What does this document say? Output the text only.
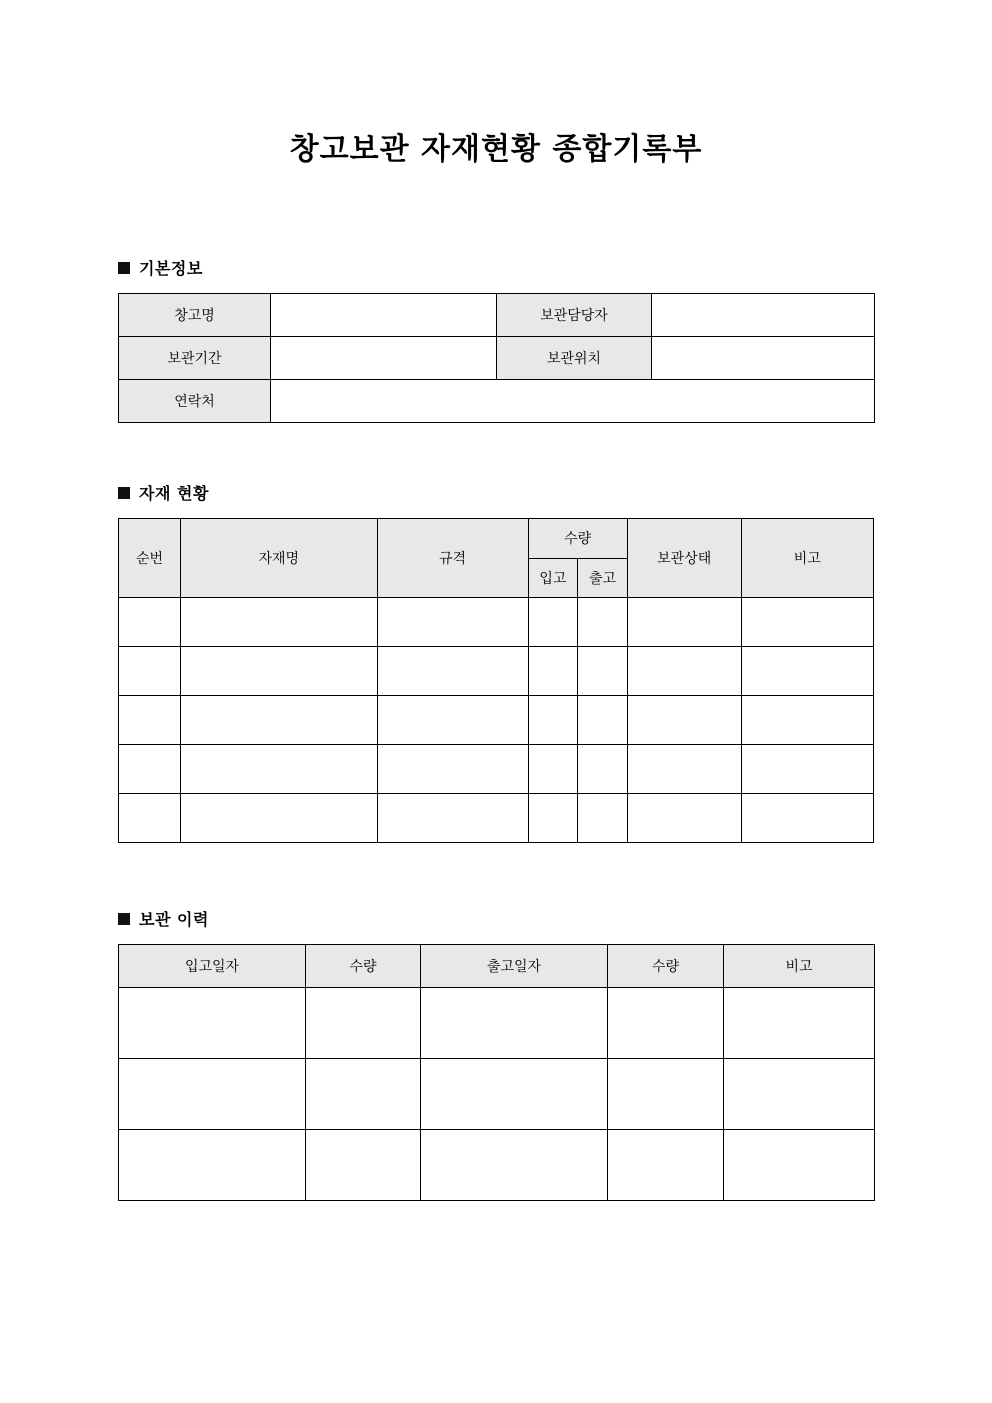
창고보관 자재현황 종합기록부
기본정보
창고명		보관담당자	
보관기간		보관위치	
연락처			
자재 현황
순번	자재명	규격	수량		보관상태	비고
			입고	출고		

보관 이력
입고일자	수량	출고일자	수량	비고
